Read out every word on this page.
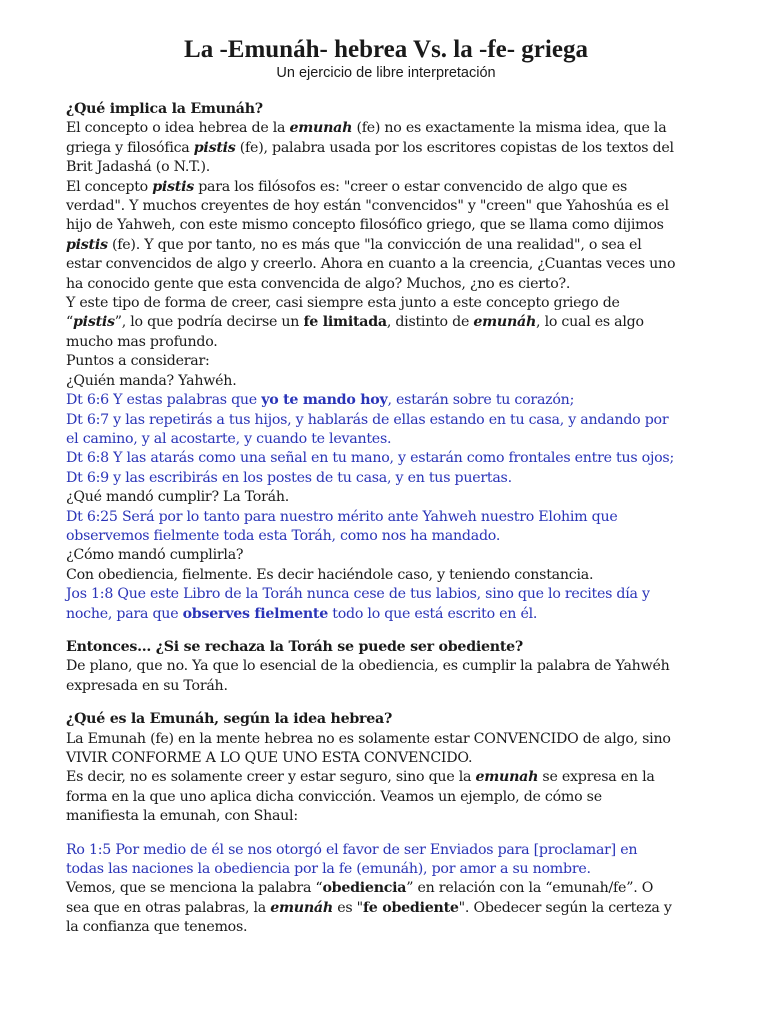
La -Emunáh- hebrea Vs. la -fe- griega

Un ejercicio de libre interpretación

¿Qué implica la Emunáh?

El concepto o idea hebrea de la emunah (fe) no es exactamente la misma idea, que la

griega y filosófica pistis (fe), palabra usada por los escritores copistas de los textos del

Brit Jadashá (o N.T.).

El concepto pistis para los filósofos es: "creer o estar convencido de algo que es

verdad". Y muchos creyentes de hoy están "convencidos" y "creen" que Yahoshúa es el

hijo de Yahweh, con este mismo concepto filosófico griego, que se llama como dijimos

pistis (fe). Y que por tanto, no es más que "la convicción de una realidad", o sea el

estar convencidos de algo y creerlo. Ahora en cuanto a la creencia, ¿Cuantas veces uno

ha conocido gente que esta convencida de algo? Muchos, ¿no es cierto?.

Y este tipo de forma de creer, casi siempre esta junto a este concepto griego de

“pistis”, lo que podría decirse un fe limitada, distinto de emunáh, lo cual es algo

mucho mas profundo.

Puntos a considerar:

¿Quién manda? Yahwéh.

Dt 6:6 Y estas palabras que yo te mando hoy, estarán sobre tu corazón;

Dt 6:7 y las repetirás a tus hijos, y hablarás de ellas estando en tu casa, y andando por

el camino, y al acostarte, y cuando te levantes.

Dt 6:8 Y las atarás como una señal en tu mano, y estarán como frontales entre tus ojos;

Dt 6:9 y las escribirás en los postes de tu casa, y en tus puertas.

¿Qué mandó cumplir? La Toráh.

Dt 6:25 Será por lo tanto para nuestro mérito ante Yahweh nuestro Elohim que

observemos fielmente toda esta Toráh, como nos ha mandado.

¿Cómo mandó cumplirla?

Con obediencia, fielmente. Es decir haciéndole caso, y teniendo constancia.

Jos 1:8 Que este Libro de la Toráh nunca cese de tus labios, sino que lo recites día y

noche, para que observes fielmente todo lo que está escrito en él.

Entonces… ¿Si se rechaza la Toráh se puede ser obediente?

De plano, que no. Ya que lo esencial de la obediencia, es cumplir la palabra de Yahwéh

expresada en su Toráh.

¿Qué es la Emunáh, según la idea hebrea?

La Emunah (fe) en la mente hebrea no es solamente estar CONVENCIDO de algo, sino

VIVIR CONFORME A LO QUE UNO ESTA CONVENCIDO.

Es decir, no es solamente creer y estar seguro, sino que la emunah se expresa en la

forma en la que uno aplica dicha convicción. Veamos un ejemplo, de cómo se

manifiesta la emunah, con Shaul:

Ro 1:5 Por medio de él se nos otorgó el favor de ser Enviados para [proclamar] en

todas las naciones la obediencia por la fe (emunáh), por amor a su nombre.

Vemos, que se menciona la palabra “obediencia” en relación con la “emunah/fe”. O

sea que en otras palabras, la emunáh es "fe obediente". Obedecer según la certeza y

la confianza que tenemos.
